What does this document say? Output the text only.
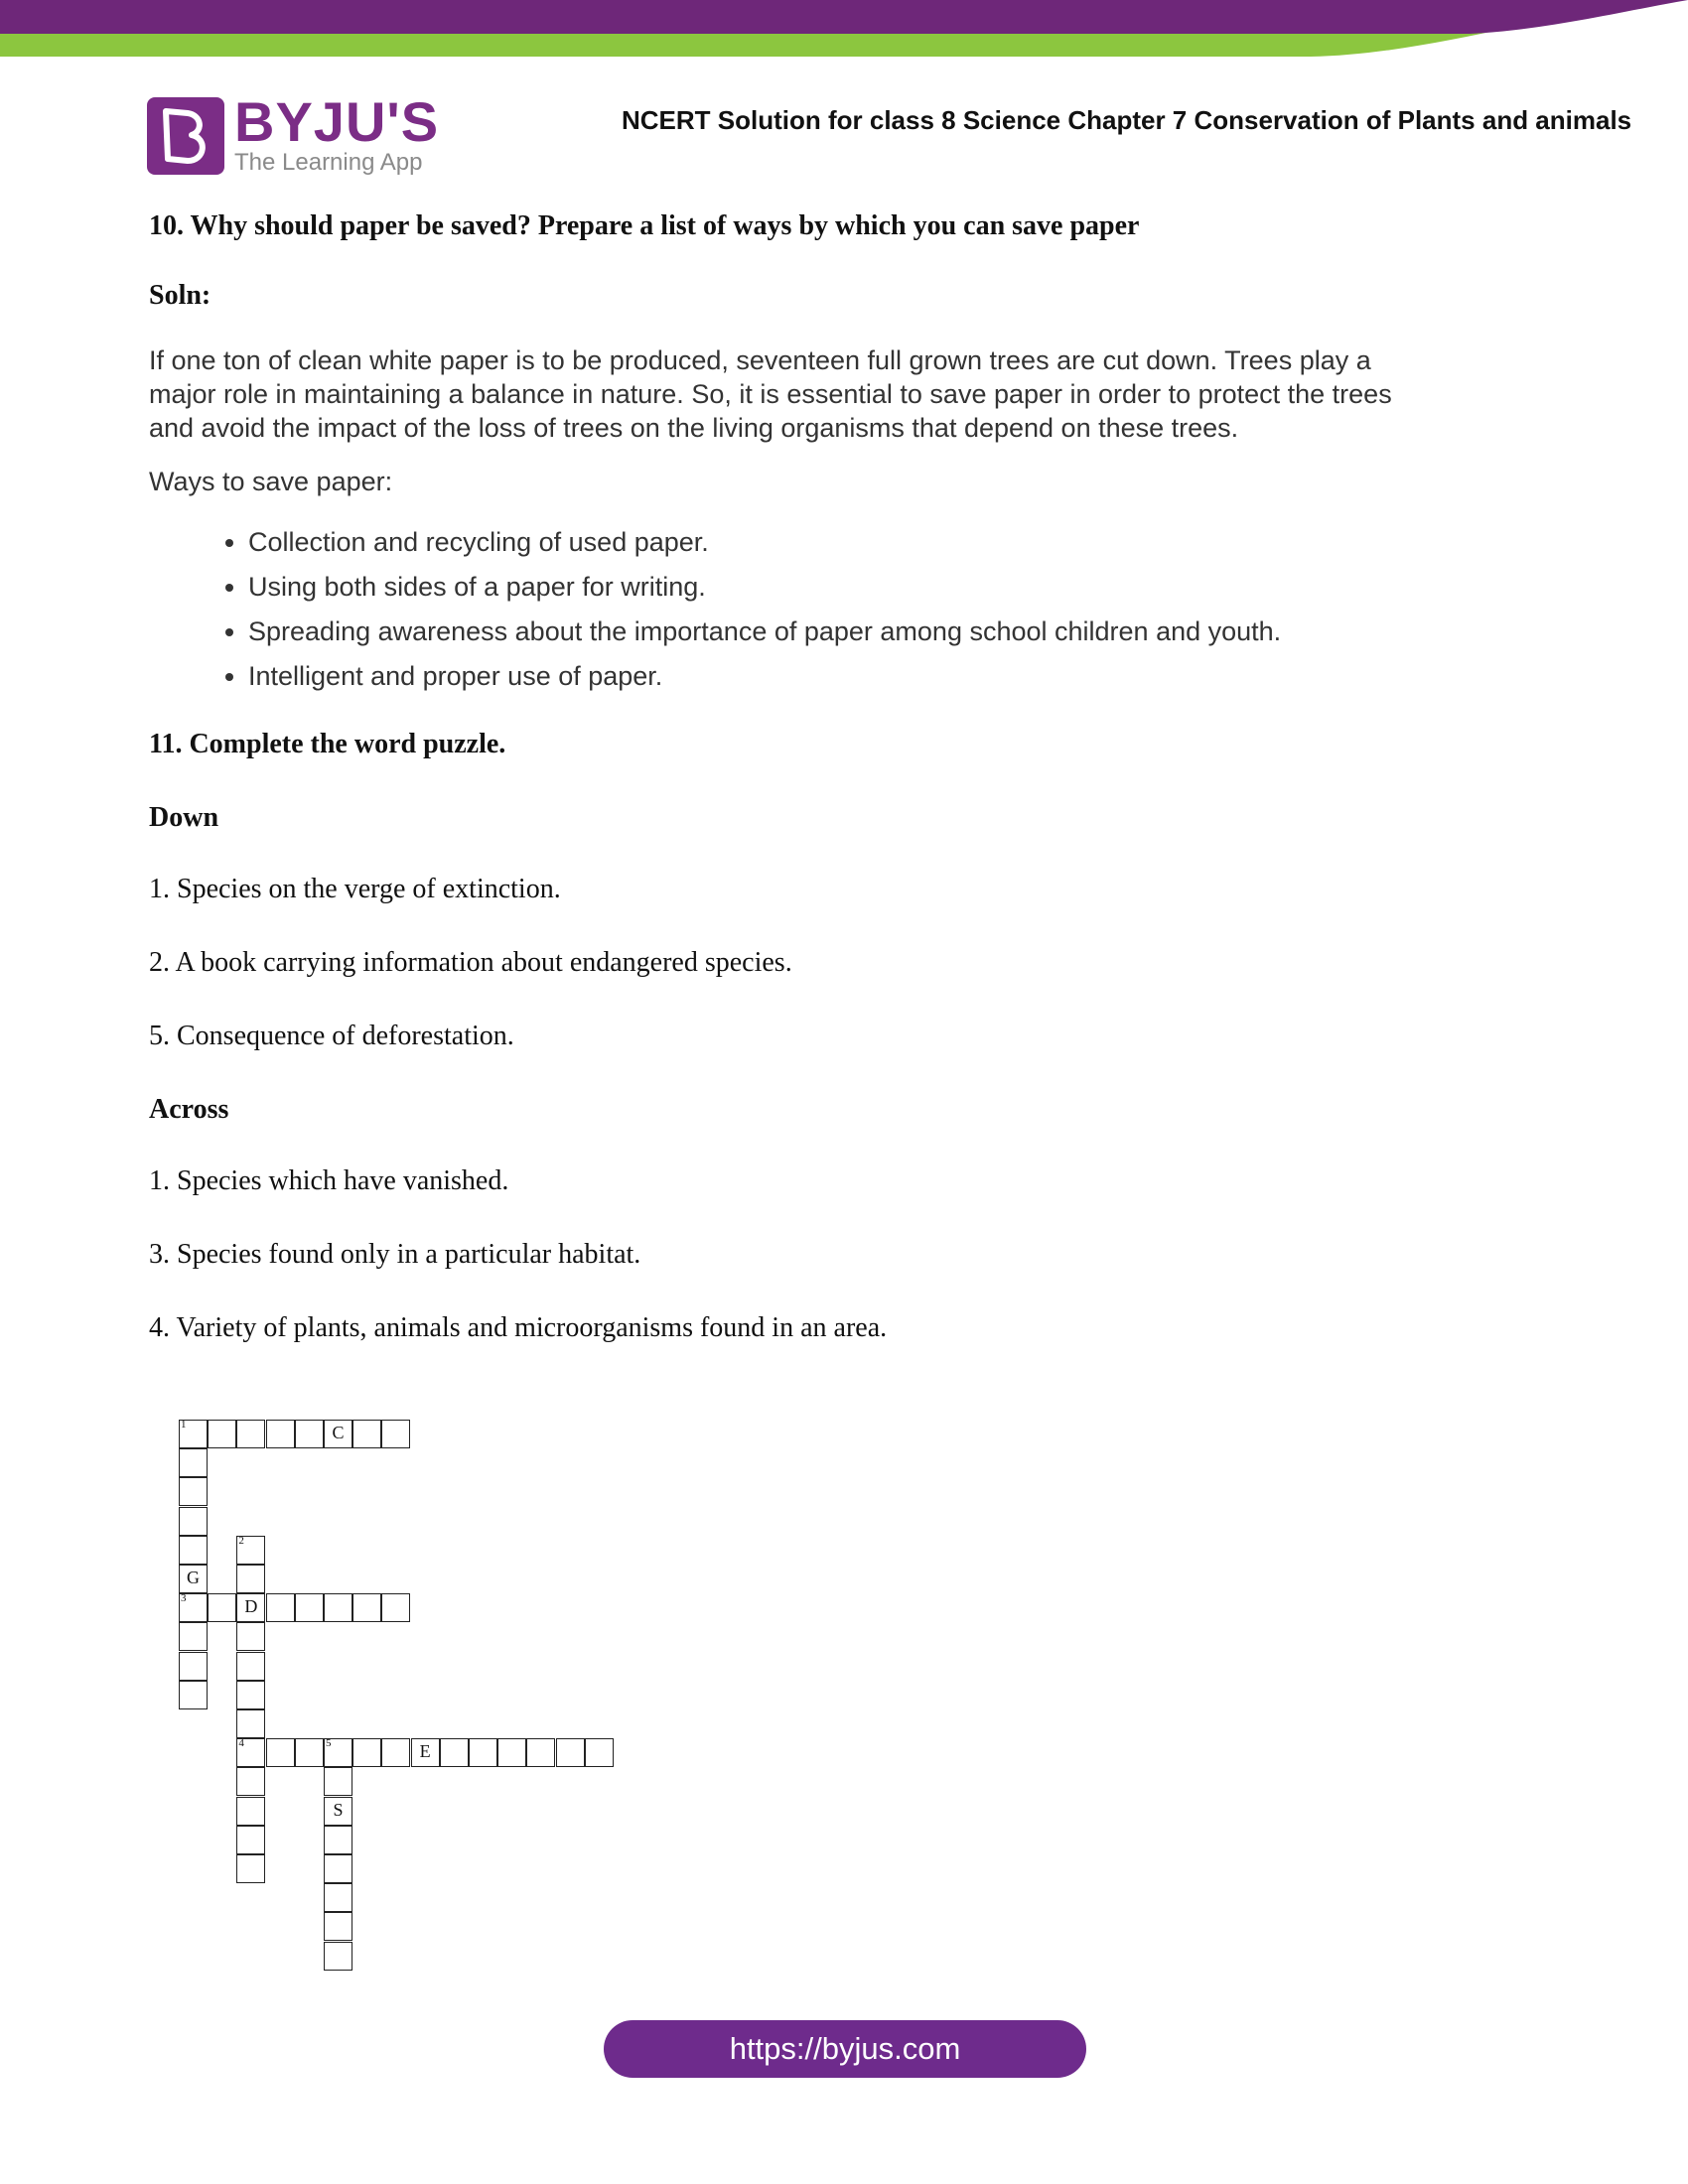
BYJU'S
The Learning App
NCERT Solution for class 8 Science Chapter 7 Conservation of Plants and animals

10. Why should paper be saved? Prepare a list of ways by which you can save paper

Soln:

If one ton of clean white paper is to be produced, seventeen full grown trees are cut down. Trees play a
major role in maintaining a balance in nature. So, it is essential to save paper in order to protect the trees
and avoid the impact of the loss of trees on the living organisms that depend on these trees.
Ways to save paper:
• Collection and recycling of used paper.
• Using both sides of a paper for writing.
• Spreading awareness about the importance of paper among school children and youth.
• Intelligent and proper use of paper.

11. Complete the word puzzle.

Down

1. Species on the verge of extinction.

2. A book carrying information about endangered species.

5. Consequence of deforestation.

Across

1. Species which have vanished.

3. Species found only in a particular habitat.

4. Variety of plants, animals and microorganisms found in an area.

1	C
G
3
2
D
4	5	E
S
https://byjus.com
